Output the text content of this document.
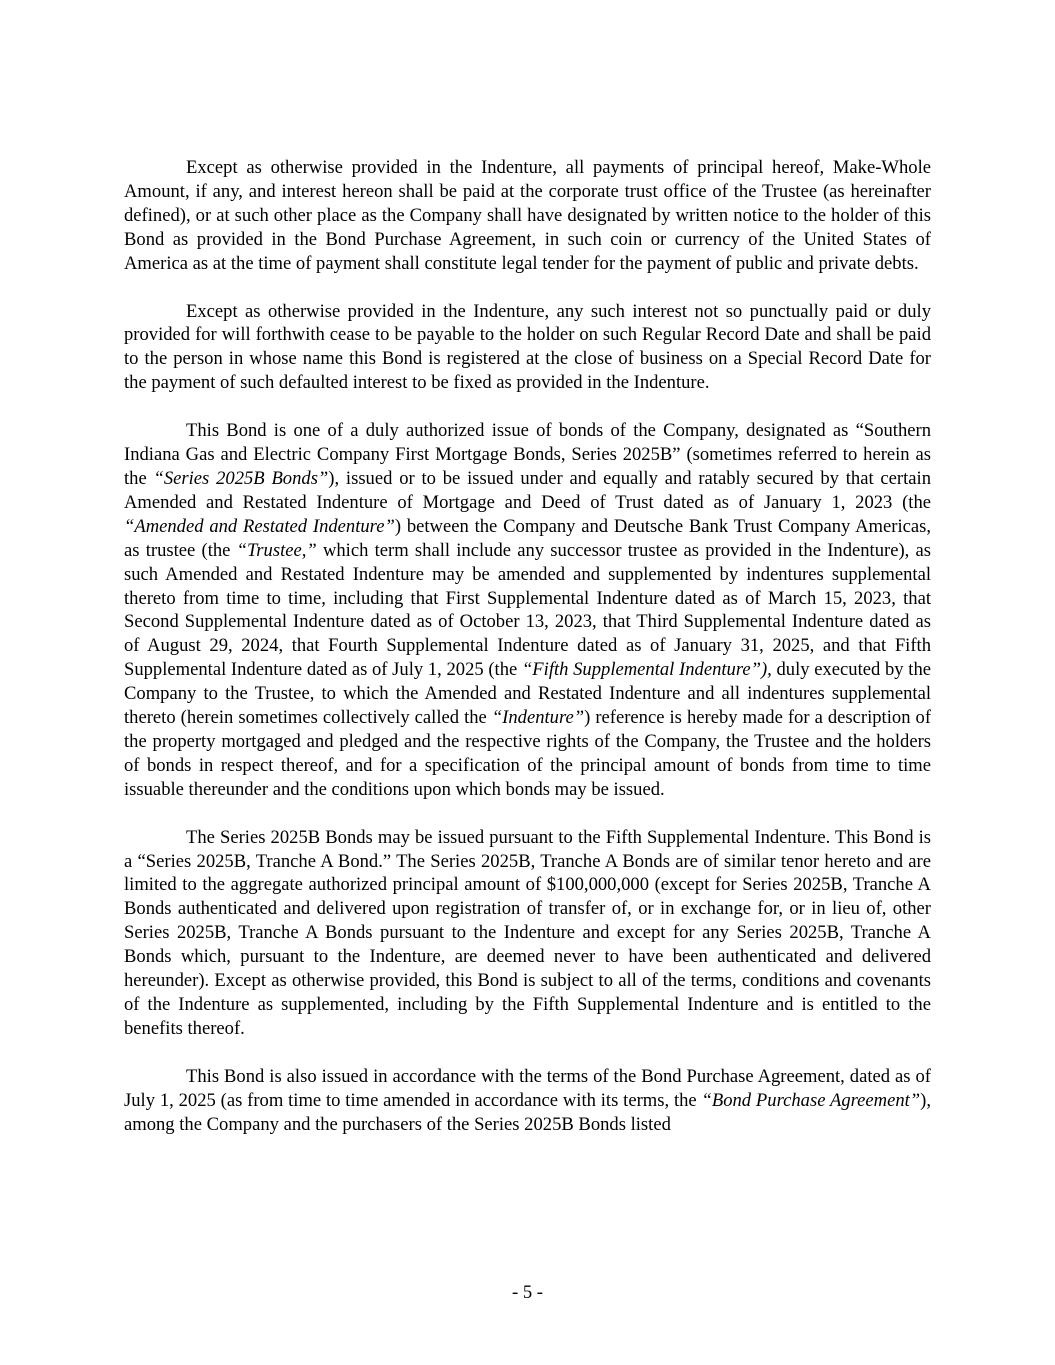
Except as otherwise provided in the Indenture, all payments of principal hereof, Make-Whole Amount, if any, and interest hereon shall be paid at the corporate trust office of the Trustee (as hereinafter defined), or at such other place as the Company shall have designated by written notice to the holder of this Bond as provided in the Bond Purchase Agreement, in such coin or currency of the United States of America as at the time of payment shall constitute legal tender for the payment of public and private debts.

Except as otherwise provided in the Indenture, any such interest not so punctually paid or duly provided for will forthwith cease to be payable to the holder on such Regular Record Date and shall be paid to the person in whose name this Bond is registered at the close of business on a Special Record Date for the payment of such defaulted interest to be fixed as provided in the Indenture.

This Bond is one of a duly authorized issue of bonds of the Company, designated as “Southern Indiana Gas and Electric Company First Mortgage Bonds, Series 2025B” (sometimes referred to herein as the “Series 2025B Bonds”), issued or to be issued under and equally and ratably secured by that certain Amended and Restated Indenture of Mortgage and Deed of Trust dated as of January 1, 2023 (the “Amended and Restated Indenture”) between the Company and Deutsche Bank Trust Company Americas, as trustee (the “Trustee,” which term shall include any successor trustee as provided in the Indenture), as such Amended and Restated Indenture may be amended and supplemented by indentures supplemental thereto from time to time, including that First Supplemental Indenture dated as of March 15, 2023, that Second Supplemental Indenture dated as of October 13, 2023, that Third Supplemental Indenture dated as of August 29, 2024, that Fourth Supplemental Indenture dated as of January 31, 2025, and that Fifth Supplemental Indenture dated as of July 1, 2025 (the “Fifth Supplemental Indenture”), duly executed by the Company to the Trustee, to which the Amended and Restated Indenture and all indentures supplemental thereto (herein sometimes collectively called the “Indenture”) reference is hereby made for a description of the property mortgaged and pledged and the respective rights of the Company, the Trustee and the holders of bonds in respect thereof, and for a specification of the principal amount of bonds from time to time issuable thereunder and the conditions upon which bonds may be issued.

The Series 2025B Bonds may be issued pursuant to the Fifth Supplemental Indenture. This Bond is a “Series 2025B, Tranche A Bond.” The Series 2025B, Tranche A Bonds are of similar tenor hereto and are limited to the aggregate authorized principal amount of $100,000,000 (except for Series 2025B, Tranche A Bonds authenticated and delivered upon registration of transfer of, or in exchange for, or in lieu of, other Series 2025B, Tranche A Bonds pursuant to the Indenture and except for any Series 2025B, Tranche A Bonds which, pursuant to the Indenture, are deemed never to have been authenticated and delivered hereunder). Except as otherwise provided, this Bond is subject to all of the terms, conditions and covenants of the Indenture as supplemented, including by the Fifth Supplemental Indenture and is entitled to the benefits thereof.

This Bond is also issued in accordance with the terms of the Bond Purchase Agreement, dated as of July 1, 2025 (as from time to time amended in accordance with its terms, the “Bond Purchase Agreement”), among the Company and the purchasers of the Series 2025B Bonds listed

- 5 -
